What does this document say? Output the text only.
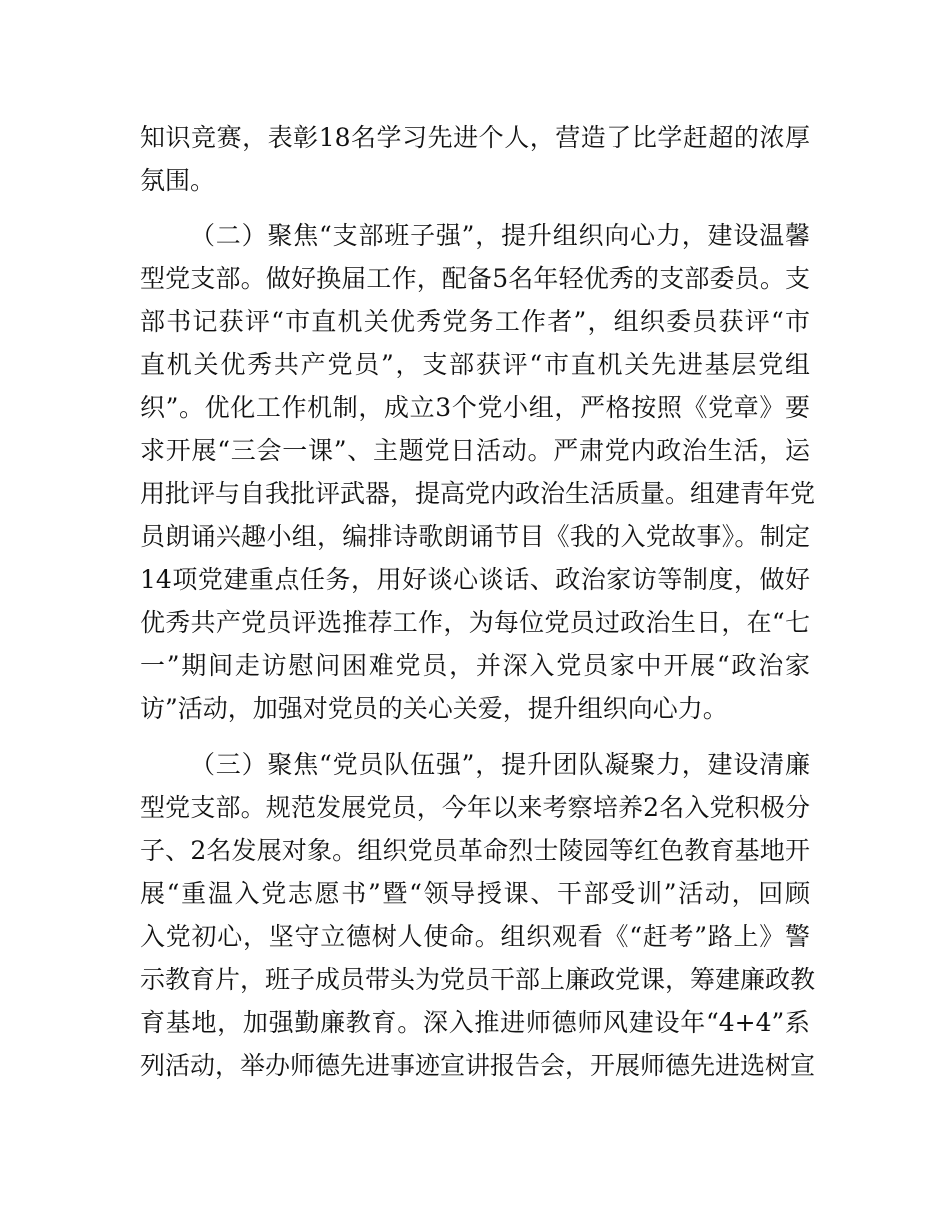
知识竞赛，表彰18名学习先进个人，营造了比学赶超的浓厚
氛围。
（二）聚焦“支部班子强”，提升组织向心力，建设温馨
型党支部。做好换届工作，配备5名年轻优秀的支部委员。支
部书记获评“市直机关优秀党务工作者”，组织委员获评“市
直机关优秀共产党员”，支部获评“市直机关先进基层党组
织”。优化工作机制，成立3个党小组，严格按照《党章》要
求开展“三会一课”、主题党日活动。严肃党内政治生活，运
用批评与自我批评武器，提高党内政治生活质量。组建青年党
员朗诵兴趣小组，编排诗歌朗诵节目《我的入党故事》。制定
14项党建重点任务，用好谈心谈话、政治家访等制度，做好
优秀共产党员评选推荐工作，为每位党员过政治生日，在“七
一”期间走访慰问困难党员，并深入党员家中开展“政治家
访”活动，加强对党员的关心关爱，提升组织向心力。
（三）聚焦“党员队伍强”，提升团队凝聚力，建设清廉
型党支部。规范发展党员，今年以来考察培养2名入党积极分
子、2名发展对象。组织党员革命烈士陵园等红色教育基地开
展“重温入党志愿书”暨“领导授课、干部受训”活动，回顾
入党初心，坚守立德树人使命。组织观看《“赶考”路上》警
示教育片，班子成员带头为党员干部上廉政党课，筹建廉政教
育基地，加强勤廉教育。深入推进师德师风建设年“4+4”系
列活动，举办师德先进事迹宣讲报告会，开展师德先进选树宣
